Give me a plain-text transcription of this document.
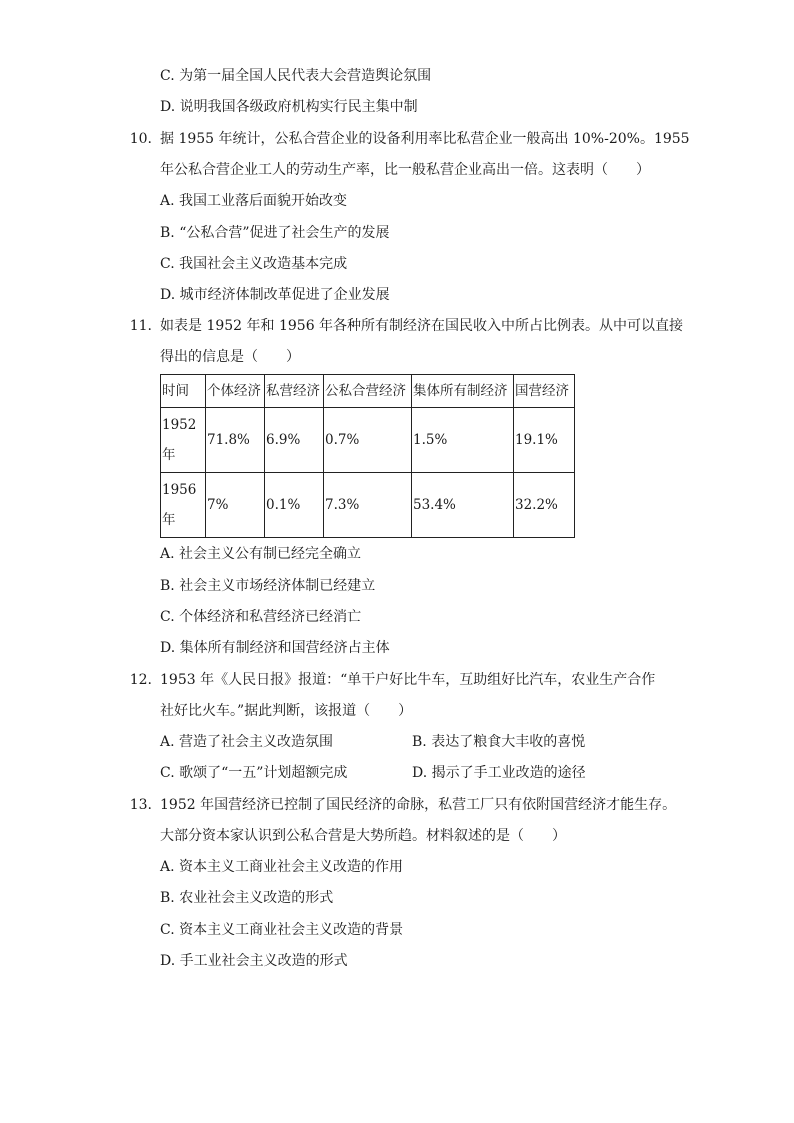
C. 为第一届全国人民代表大会营造舆论氛围
D. 说明我国各级政府机构实行民主集中制
10. 据 1955 年统计，公私合营企业的设备利用率比私营企业一般高出 10%-20%。1955
年公私合营企业工人的劳动生产率，比一般私营企业高出一倍。这表明（　　）
A. 我国工业落后面貌开始改变
B. “公私合营”促进了社会生产的发展
C. 我国社会主义改造基本完成
D. 城市经济体制改革促进了企业发展
11. 如表是 1952 年和 1956 年各种所有制经济在国民收入中所占比例表。从中可以直接
得出的信息是（　　）
时间	个体经济	私营经济	公私合营经济	集体所有制经济	国营经济
1952
年	71.8%	6.9%	0.7%	1.5%	19.1%
1956
年	7%	0.1%	7.3%	53.4%	32.2%
A. 社会主义公有制已经完全确立
B. 社会主义市场经济体制已经建立
C. 个体经济和私营经济已经消亡
D. 集体所有制经济和国营经济占主体
12. 1953 年《人民日报》报道：“单干户好比牛车，互助组好比汽车，农业生产合作
社好比火车。”据此判断，该报道（　　）
A. 营造了社会主义改造氛围	B. 表达了粮食大丰收的喜悦
C. 歌颂了“一五”计划超额完成	D. 揭示了手工业改造的途径
13. 1952 年国营经济已控制了国民经济的命脉，私营工厂只有依附国营经济才能生存。
大部分资本家认识到公私合营是大势所趋。材料叙述的是（　　）
A. 资本主义工商业社会主义改造的作用
B. 农业社会主义改造的形式
C. 资本主义工商业社会主义改造的背景
D. 手工业社会主义改造的形式
